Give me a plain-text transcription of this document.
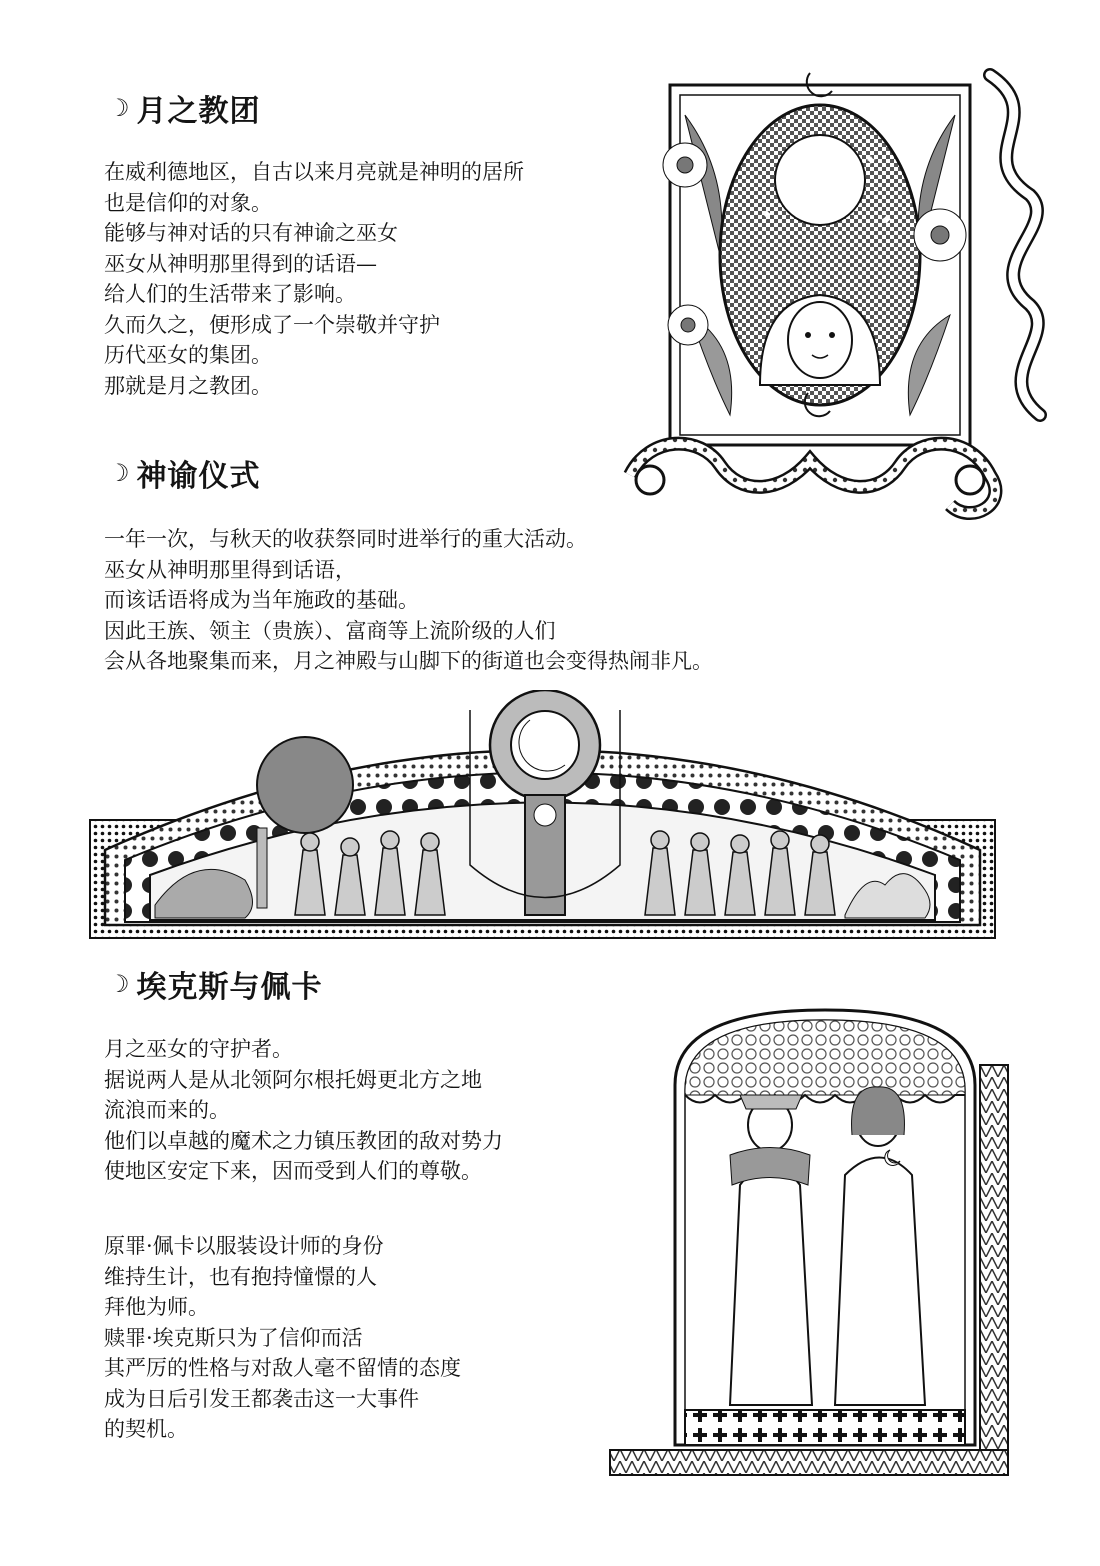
☽ 月之教团
在威利德地区，自古以来月亮就是神明的居所
也是信仰的对象。
能够与神对话的只有神谕之巫女
巫女从神明那里得到的话语—
给人们的生活带来了影响。
久而久之，便形成了一个崇敬并守护
历代巫女的集团。
那就是月之教团。
☽ 神谕仪式
一年一次，与秋天的收获祭同时进举行的重大活动。
巫女从神明那里得到话语，
而该话语将成为当年施政的基础。
因此王族、领主（贵族）、富商等上流阶级的人们
会从各地聚集而来，月之神殿与山脚下的街道也会变得热闹非凡。
☽ 埃克斯与佩卡
月之巫女的守护者。
据说两人是从北领阿尔根托姆更北方之地
流浪而来的。
他们以卓越的魔术之力镇压教团的敌对势力
使地区安定下来，因而受到人们的尊敬。
原罪·佩卡以服装设计师的身份
维持生计，也有抱持憧憬的人
拜他为师。
赎罪·埃克斯只为了信仰而活
其严厉的性格与对敌人毫不留情的态度
成为日后引发王都袭击这一大事件
的契机。
✦
✦
✦
